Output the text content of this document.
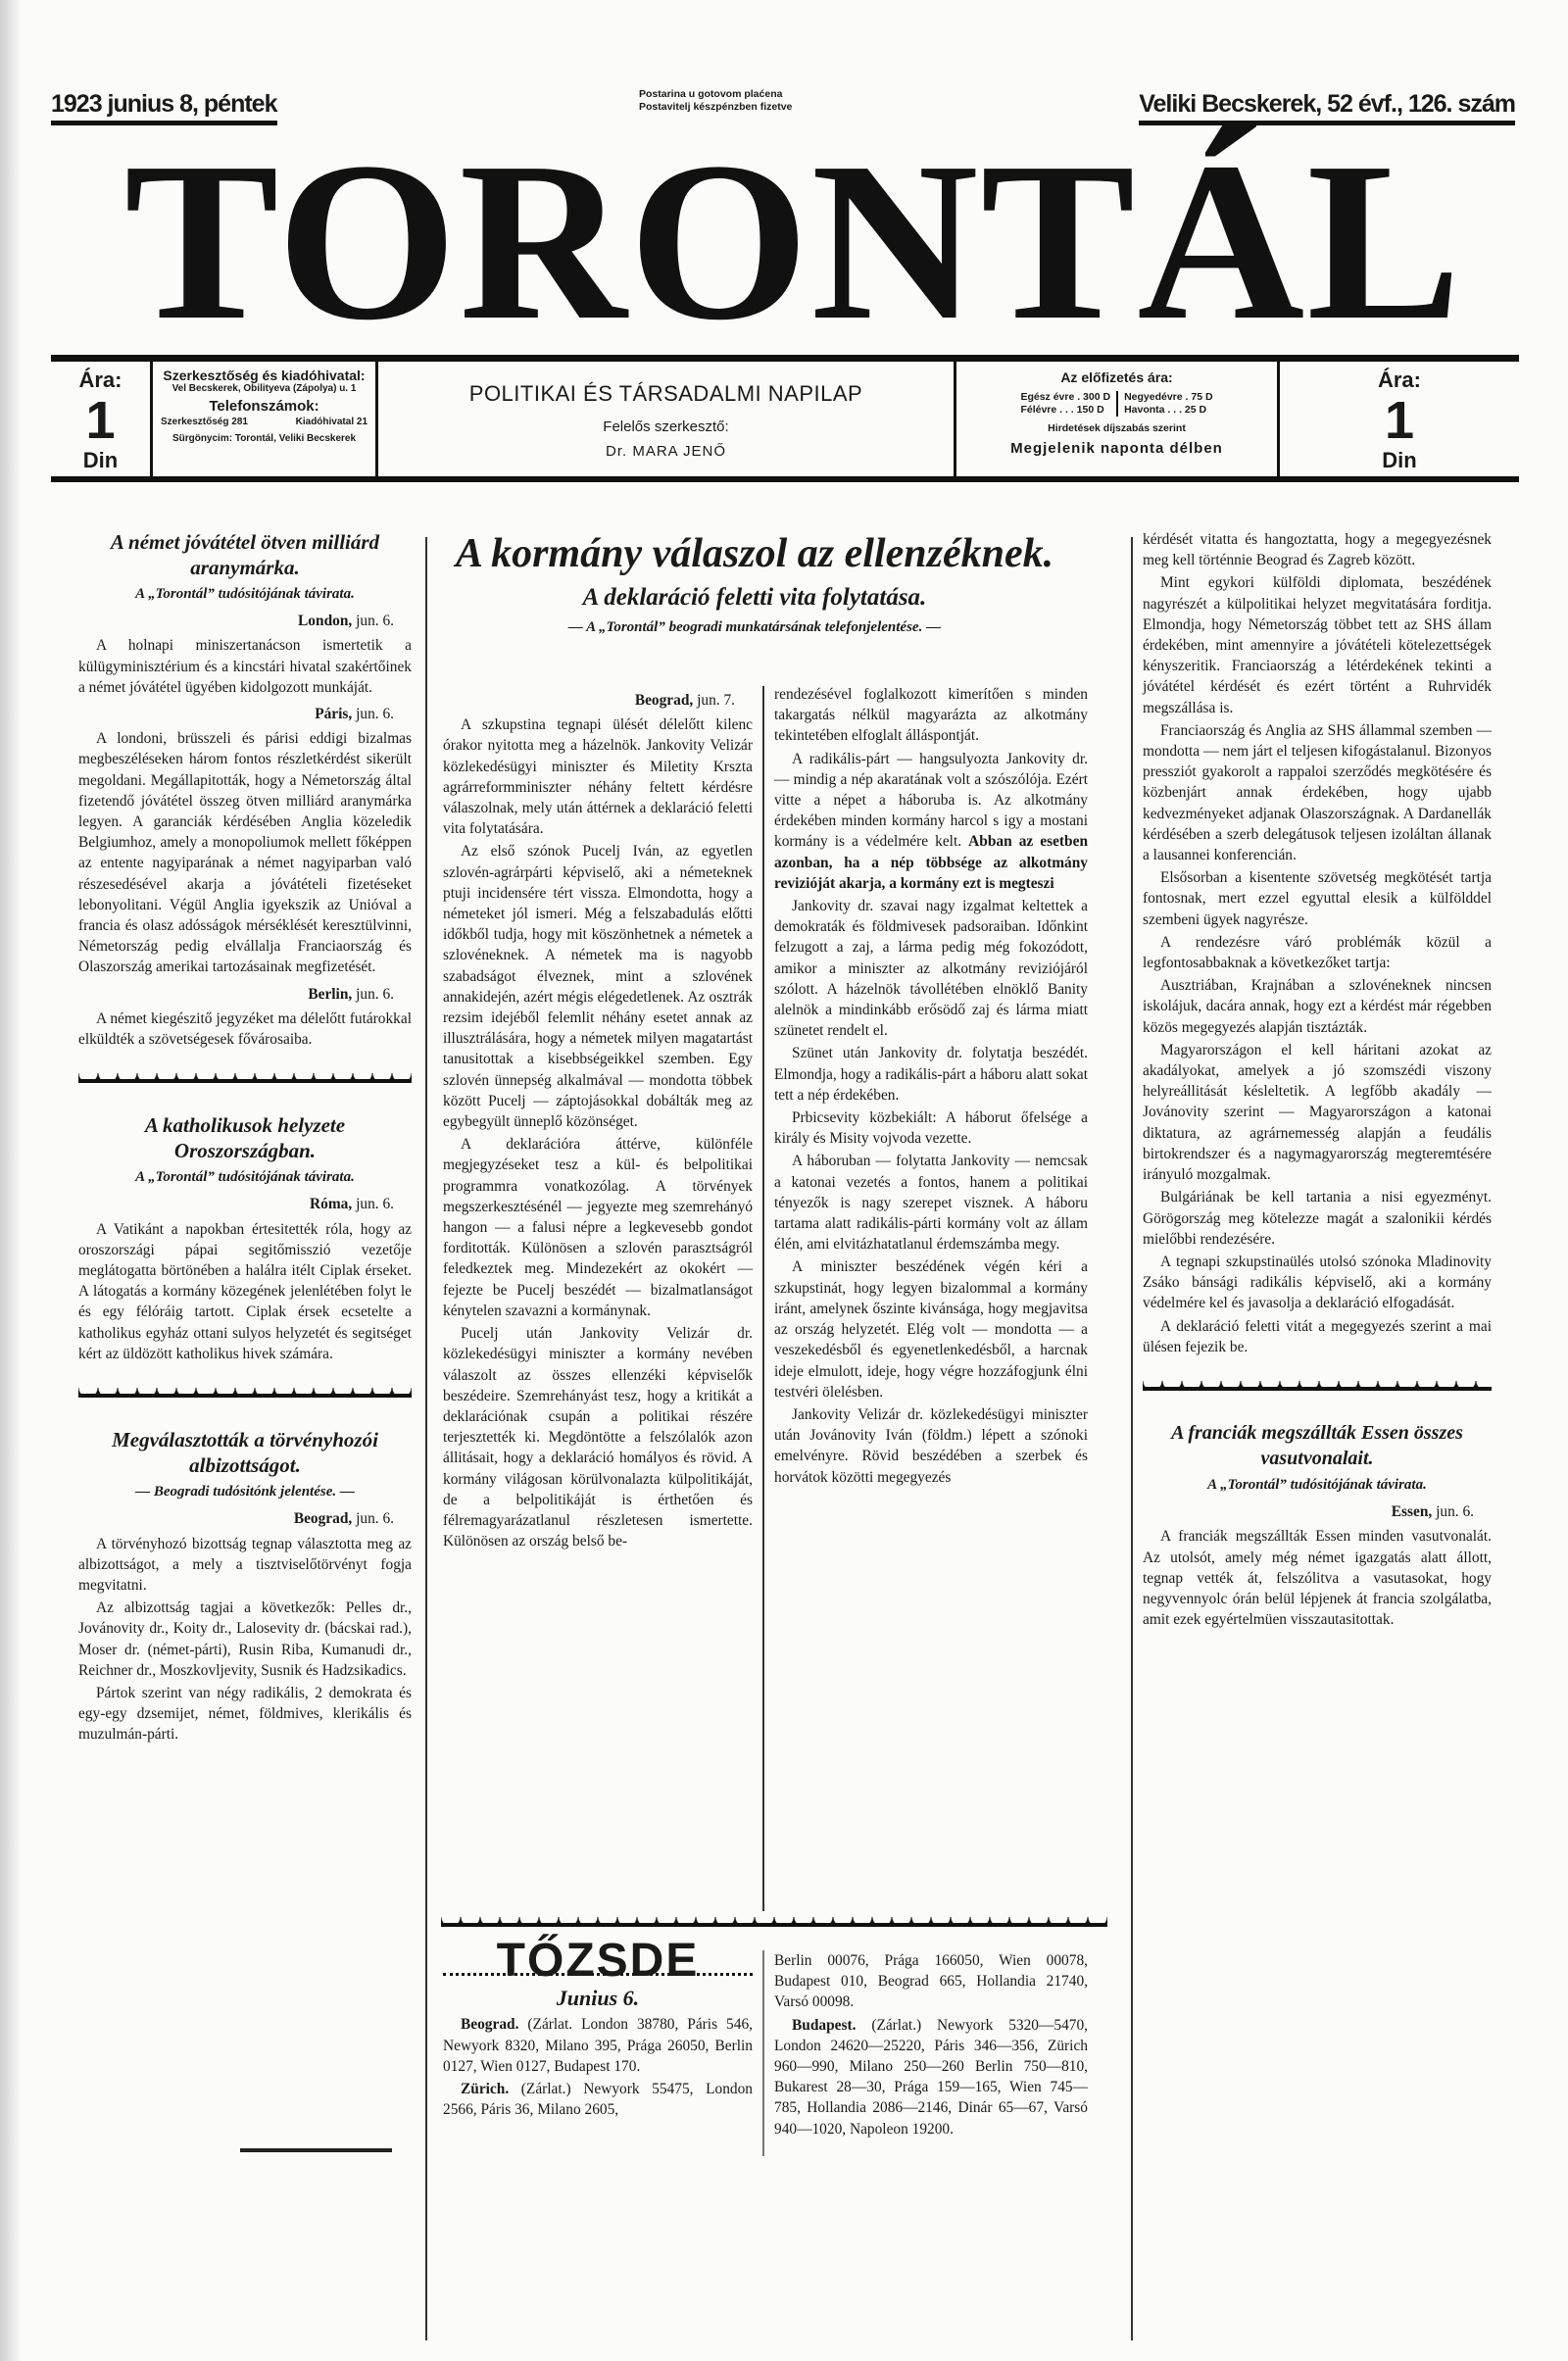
1923 junius 8, péntek	Postarina u gotovom plaćena
Postavitelj készpénzben fizetve	Veliki Becskerek, 52 évf., 126. szám
TORONTÁL
Ára:
1
Din
Szerkesztőség és kiadóhivatal:
Vel Becskerek, Obilityeva (Zápolya) u. 1
Telefonszámok:
Szerkesztőség 281	Kiadóhivatal 21
Sürgönycim: Torontál, Veliki Becskerek
POLITIKAI ÉS TÁRSADALMI NAPILAP
Felelős szerkesztő:
Dr. MARA JENŐ
Az előfizetés ára:
Egész évre . 300 D
Félévre . . . 150 D
Negyedévre . 75 D
Havonta . . . 25 D
Hirdetések díjszabás szerint
Megjelenik naponta délben
Ára:
1
Din
A német jóvátétel ötven milliárd aranymárka.
A „Torontál” tudósitójának távirata.
London, jun. 6.

A holnapi miniszertanácson ismertetik a külügyminisztérium és a kincstári hivatal szakértőinek a német jóvátétel ügyében kidolgozott munkáját.

Páris, jun. 6.

A londoni, brüsszeli és párisi eddigi bizalmas megbeszéléseken három fontos részletkérdést sikerült megoldani. Megállapitották, hogy a Németország által fizetendő jóvátétel összeg ötven milliárd aranymárka legyen. A garanciák kérdésében Anglia közeledik Belgiumhoz, amely a monopoliumok mellett főképpen az entente nagyiparának a német nagyiparban való részesedésével akarja a jóvátételi fizetéseket lebonyolitani. Végül Anglia igyekszik az Unióval a francia és olasz adósságok mérséklését keresztülvinni, Németország pedig elvállalja Franciaország és Olaszország amerikai tartozásainak megfizetését.

Berlin, jun. 6.

A német kiegészitő jegyzéket ma délelőtt futárokkal elküldték a szövetségesek fővárosaiba.

A katholikusok helyzete Oroszországban.
A „Torontál” tudósitójának távirata.
Róma, jun. 6.

A Vatikánt a napokban értesitették róla, hogy az oroszországi pápai segitőmisszió vezetője meglátogatta börtönében a halálra itélt Ciplak érseket. A látogatás a kormány közegének jelenlétében folyt le és egy félóráig tartott. Ciplak érsek ecsetelte a katholikus egyház ottani sulyos helyzetét és segitséget kért az üldözött katholikus hivek számára.

Megválasztották a törvényhozói albizottságot.
— Beogradi tudósitónk jelentése. —
Beograd, jun. 6.

A törvényhozó bizottság tegnap választotta meg az albizottságot, a mely a tisztviselőtörvényt fogja megvitatni.

Az albizottság tagjai a következők: Pelles dr., Jovánovity dr., Koity dr., Lalosevity dr. (bácskai rad.), Moser dr. (német-párti), Rusin Riba, Kumanudi dr., Reichner dr., Moszkovljevity, Susnik és Hadzsikadics.

Pártok szerint van négy radikális, 2 demokrata és egy-egy dzsemijet, német, földmives, klerikális és muzulmán-párti.

A kormány válaszol az ellenzéknek.
A deklaráció feletti vita folytatása.
— A „Torontál” beogradi munkatársának telefonjelentése. —
Beograd, jun. 7.

A szkupstina tegnapi ülését délelőtt kilenc órakor nyitotta meg a házelnök. Jankovity Velizár közlekedésügyi miniszter és Miletity Krszta agrárreformminiszter néhány feltett kérdésre válaszolnak, mely után áttérnek a deklaráció feletti vita folytatására.

Az első szónok Pucelj Iván, az egyetlen szlovén-agrárpárti képviselő, aki a németeknek ptuji incidensére tért vissza. Elmondotta, hogy a németeket jól ismeri. Még a felszabadulás előtti időkből tudja, hogy mit köszönhetnek a németek a szlovéneknek. A németek ma is nagyobb szabadságot élveznek, mint a szlovének annakidején, azért mégis elégedetlenek. Az osztrák rezsim idejéből felemlit néhány esetet annak az illusztrálására, hogy a németek milyen magatartást tanusitottak a kisebbségeikkel szemben. Egy szlovén ünnepség alkalmával — mondotta többek között Pucelj — záptojásokkal dobálták meg az egybegyült ünneplő közönséget.

A deklarációra áttérve, különféle megjegyzéseket tesz a kül- és belpolitikai programmra vonatkozólag. A törvények megszerkesztésénél — jegyezte meg szemrehányó hangon — a falusi népre a legkevesebb gondot forditották. Különösen a szlovén parasztságról feledkeztek meg. Mindezekért az okokért — fejezte be Pucelj beszédét — bizalmatlanságot kénytelen szavazni a kormánynak.

Pucelj után Jankovity Velizár dr. közlekedésügyi miniszter a kormány nevében válaszolt az összes ellenzéki képviselők beszédeire. Szemrehányást tesz, hogy a kritikát a deklarációnak csupán a politikai részére terjesztették ki. Megdöntötte a felszólalók azon állitásait, hogy a deklaráció homályos és rövid. A kormány világosan körülvonalazta külpolitikáját, de a belpolitikáját is érthetően és félremagyarázatlanul részletesen ismertette. Különösen az ország belső be-

rendezésével foglalkozott kimerítően s minden takargatás nélkül magyarázta az alkotmány tekintetében elfoglalt álláspontját.

A radikális-párt — hangsulyozta Jankovity dr. — mindig a nép akaratának volt a szószólója. Ezért vitte a népet a háboruba is. Az alkotmány érdekében minden kormány harcol s igy a mostani kormány is a védelmére kelt. Abban az esetben azonban, ha a nép többsége az alkotmány revizióját akarja, a kormány ezt is megteszi

Jankovity dr. szavai nagy izgalmat keltettek a demokraták és földmivesek padsoraiban. Időnkint felzugott a zaj, a lárma pedig még fokozódott, amikor a miniszter az alkotmány reviziójáról szólott. A házelnök távollétében elnöklő Banity alelnök a mindinkább erősödő zaj és lárma miatt szünetet rendelt el.

Szünet után Jankovity dr. folytatja beszédét. Elmondja, hogy a radikális-párt a háboru alatt sokat tett a nép érdekében.

Prbicsevity közbekiált: A háborut őfelsége a király és Misity vojvoda vezette.

A háboruban — folytatta Jankovity — nemcsak a katonai vezetés a fontos, hanem a politikai tényezők is nagy szerepet visznek. A háboru tartama alatt radikális-párti kormány volt az állam élén, ami elvitázhatatlanul érdemszámba megy.

A miniszter beszédének végén kéri a szkupstinát, hogy legyen bizalommal a kormány iránt, amelynek őszinte kivánsága, hogy megjavitsa az ország helyzetét. Elég volt — mondotta — a veszekedésből és egyenetlenkedésből, a harcnak ideje elmulott, ideje, hogy végre hozzáfogjunk élni testvéri ölelésben.

Jankovity Velizár dr. közlekedésügyi miniszter után Jovánovity Iván (földm.) lépett a szónoki emelvényre. Rövid beszédében a szerbek és horvátok közötti megegyezés

kérdését vitatta és hangoztatta, hogy a megegyezésnek meg kell történnie Beograd és Zagreb között.

Mint egykori külföldi diplomata, beszédének nagyrészét a külpolitikai helyzet megvitatására forditja. Elmondja, hogy Németország többet tett az SHS állam érdekében, mint amennyire a jóvátételi kötelezettségek kényszeritik. Franciaország a létérdekének tekinti a jóvátétel kérdését és ezért történt a Ruhrvidék megszállása is.

Franciaország és Anglia az SHS állammal szemben — mondotta — nem járt el teljesen kifogástalanul. Bizonyos pressziót gyakorolt a rappaloi szerződés megkötésére és közbenjárt annak érdekében, hogy ujabb kedvezményeket adjanak Olaszországnak. A Dardanellák kérdésében a szerb delegátusok teljesen izoláltan állanak a lausannei konferencián.

Elsősorban a kisentente szövetség megkötését tartja fontosnak, mert ezzel egyuttal elesik a külfölddel szembeni ügyek nagyrésze.

A rendezésre váró problémák közül a legfontosabbaknak a következőket tartja:

Ausztriában, Krajnában a szlovéneknek nincsen iskolájuk, dacára annak, hogy ezt a kérdést már régebben közös megegyezés alapján tisztázták.

Magyarországon el kell háritani azokat az akadályokat, amelyek a jó szomszédi viszony helyreállitását késleltetik. A legfőbb akadály — Jovánovity szerint — Magyarországon a katonai diktatura, az agrárnemesség alapján a feudális birtokrendszer és a nagymagyarország megteremtésére irányuló mozgalmak.

Bulgáriának be kell tartania a nisi egyezményt. Görögország meg kötelezze magát a szalonikii kérdés mielőbbi rendezésére.

A tegnapi szkupstinaülés utolsó szónoka Mladinovity Zsáko bánsági radikális képviselő, aki a kormány védelmére kel és javasolja a deklaráció elfogadását.

A deklaráció feletti vitát a megegyezés szerint a mai ülésen fejezik be.

A franciák megszállták Essen összes vasutvonalait.
A „Torontál” tudósitójának távirata.
Essen, jun. 6.

A franciák megszállták Essen minden vasutvonalát. Az utolsót, amely még német igazgatás alatt állott, tegnap vették át, felszólitva a vasutasokat, hogy negyvennyolc órán belül lépjenek át francia szolgálatba, amit ezek egyértelmüen visszautasitottak.

TŐZSDE
Junius 6.

Beograd. (Zárlat. London 38780, Páris 546, Newyork 8320, Milano 395, Prága 26050, Berlin 0127, Wien 0127, Budapest 170.

Zürich. (Zárlat.) Newyork 55475, London 2566, Páris 36, Milano 2605,

Berlin 00076, Prága 166050, Wien 00078, Budapest 010, Beograd 665, Hollandia 21740, Varsó 00098.

Budapest. (Zárlat.) Newyork 5320—5470, London 24620—25220, Páris 346—356, Zürich 960—990, Milano 250—260 Berlin 750—810, Bukarest 28—30, Prága 159—165, Wien 745—785, Hollandia 2086—2146, Dinár 65—67, Varsó 940—1020, Napoleon 19200.
